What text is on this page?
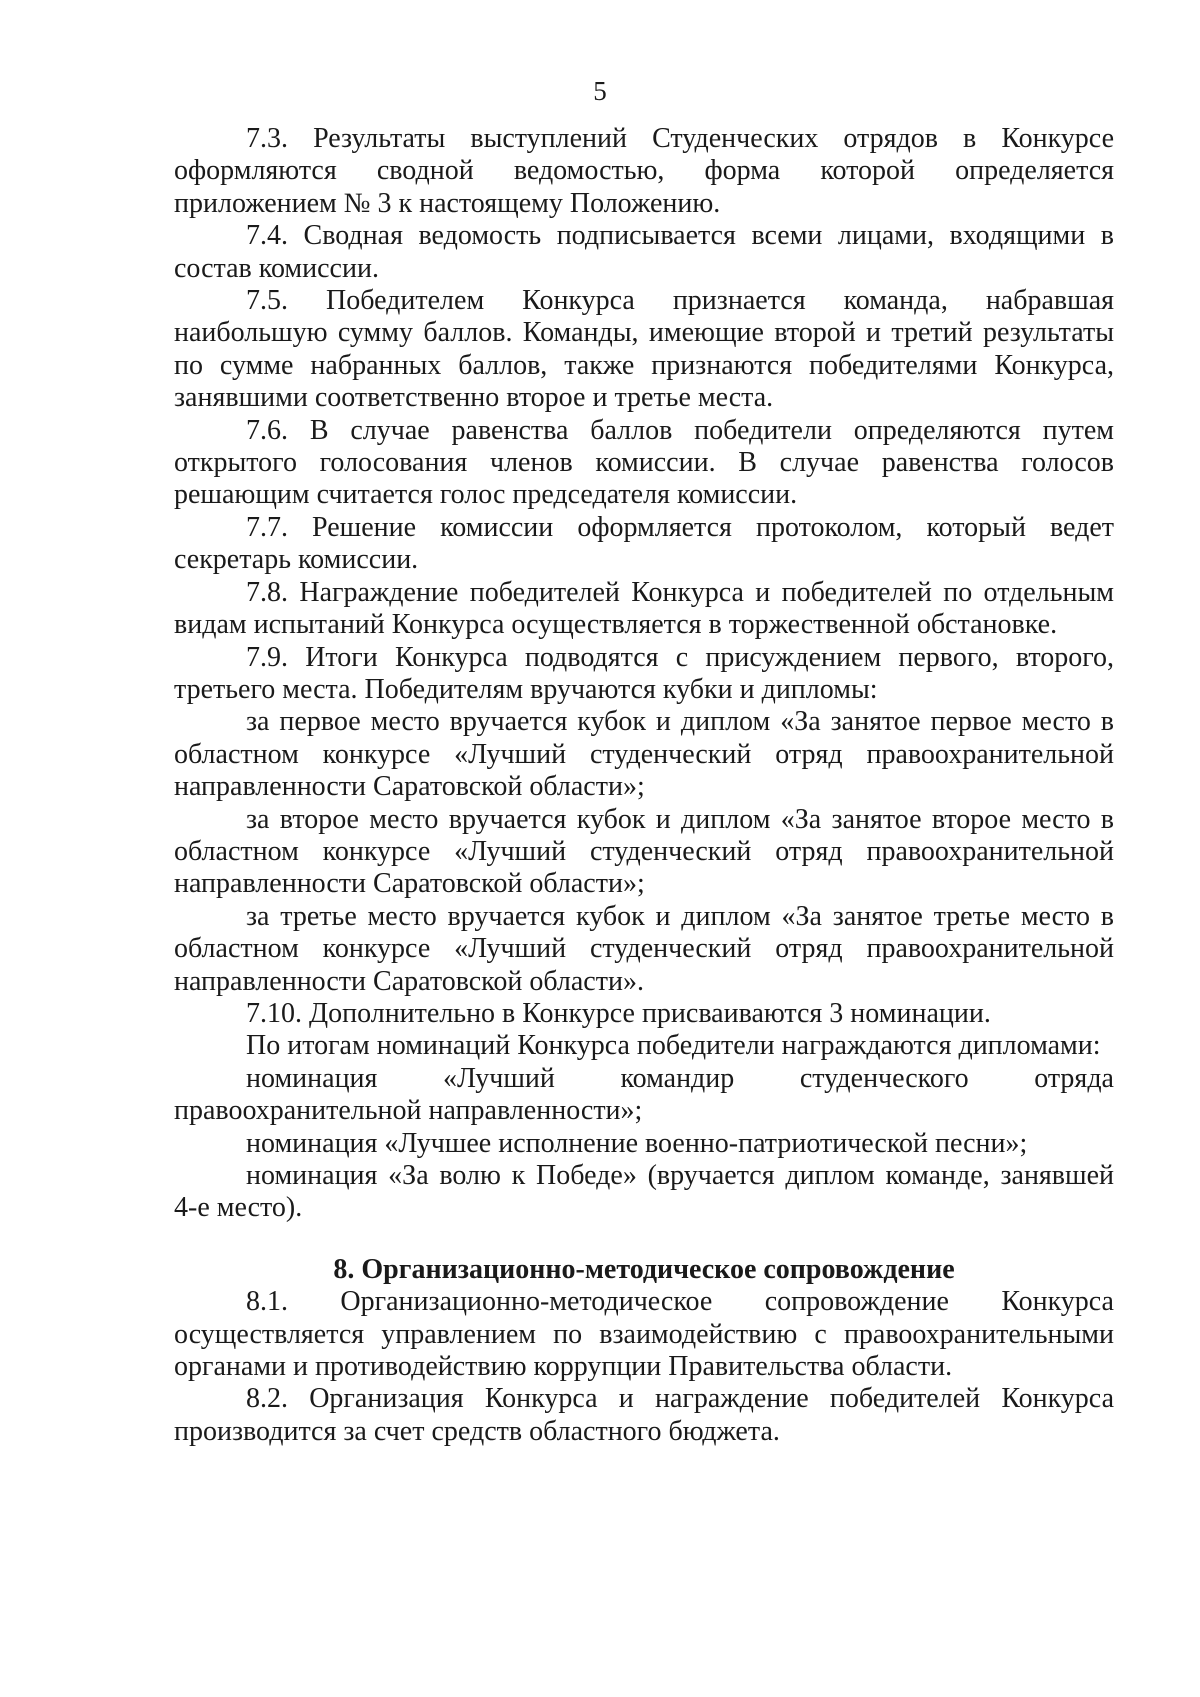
5

7.3. Результаты выступлений Студенческих отрядов в Конкурсе оформляются сводной ведомостью, форма которой определяется приложением № 3 к настоящему Положению.

7.4. Сводная ведомость подписывается всеми лицами, входящими в состав комиссии.

7.5. Победителем Конкурса признается команда, набравшая наибольшую сумму баллов. Команды, имеющие второй и третий результаты по сумме набранных баллов, также признаются победителями Конкурса, занявшими соответственно второе и третье места.

7.6. В случае равенства баллов победители определяются путем открытого голосования членов комиссии. В случае равенства голосов решающим считается голос председателя комиссии.

7.7. Решение комиссии оформляется протоколом, который ведет секретарь комиссии.

7.8. Награждение победителей Конкурса и победителей по отдельным видам испытаний Конкурса осуществляется в торжественной обстановке.

7.9. Итоги Конкурса подводятся с присуждением первого, второго, третьего места. Победителям вручаются кубки и дипломы:

за первое место вручается кубок и диплом «За занятое первое место в областном конкурсе «Лучший студенческий отряд правоохранительной направленности Саратовской области»;

за второе место вручается кубок и диплом «За занятое второе место в областном конкурсе «Лучший студенческий отряд правоохранительной направленности Саратовской области»;

за третье место вручается кубок и диплом «За занятое третье место в областном конкурсе «Лучший студенческий отряд правоохранительной направленности Саратовской области».

7.10. Дополнительно в Конкурсе присваиваются 3 номинации.

По итогам номинаций Конкурса победители награждаются дипломами:

номинация «Лучший командир студенческого отряда правоохранительной направленности»;

номинация «Лучшее исполнение военно-патриотической песни»;

номинация «За волю к Победе» (вручается диплом команде, занявшей 4-е место).

8. Организационно-методическое сопровождение

8.1. Организационно-методическое сопровождение Конкурса осуществляется управлением по взаимодействию с правоохранительными органами и противодействию коррупции Правительства области.

8.2. Организация Конкурса и награждение победителей Конкурса производится за счет средств областного бюджета.
